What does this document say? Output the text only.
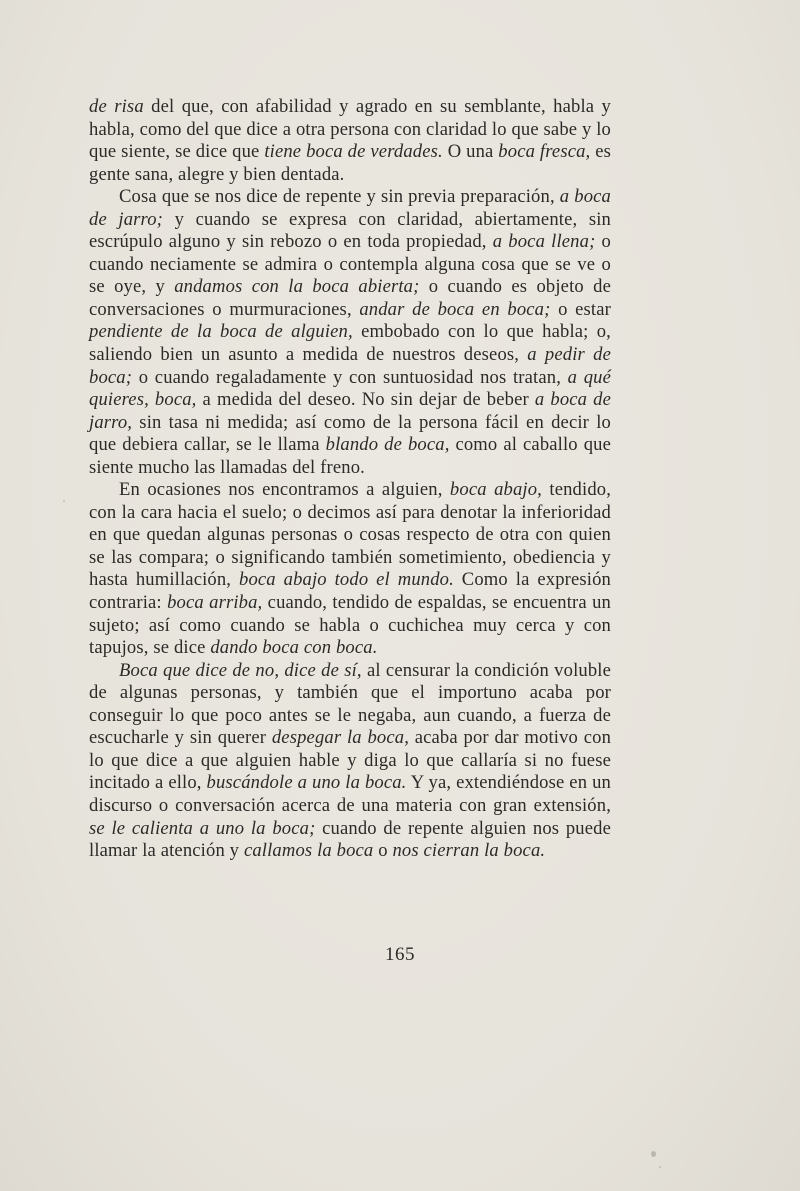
de risa del que, con afabilidad y agrado en su semblante, habla y habla, como del que dice a otra persona con claridad lo que sabe y lo que siente, se dice que tiene boca de verdades. O una boca fresca, es gente sana, alegre y bien dentada.

Cosa que se nos dice de repente y sin previa preparación, a boca de jarro; y cuando se expresa con claridad, abiertamente, sin escrúpulo alguno y sin rebozo o en toda propiedad, a boca llena; o cuando neciamente se admira o contempla alguna cosa que se ve o se oye, y andamos con la boca abierta; o cuando es objeto de conversaciones o murmuraciones, andar de boca en boca; o estar pendiente de la boca de alguien, embobado con lo que habla; o, saliendo bien un asunto a medida de nuestros deseos, a pedir de boca; o cuando regaladamente y con suntuosidad nos tratan, a qué quieres, boca, a medida del deseo. No sin dejar de beber a boca de jarro, sin tasa ni medida; así como de la persona fácil en decir lo que debiera callar, se le llama blando de boca, como al caballo que siente mucho las llamadas del freno.

En ocasiones nos encontramos a alguien, boca abajo, tendido, con la cara hacia el suelo; o decimos así para denotar la inferioridad en que quedan algunas personas o cosas respecto de otra con quien se las compara; o significando también sometimiento, obediencia y hasta humillación, boca abajo todo el mundo. Como la expresión contraria: boca arriba, cuando, tendido de espaldas, se encuentra un sujeto; así como cuando se habla o cuchichea muy cerca y con tapujos, se dice dando boca con boca.

Boca que dice de no, dice de sí, al censurar la condición voluble de algunas personas, y también que el importuno acaba por conseguir lo que poco antes se le negaba, aun cuando, a fuerza de escucharle y sin querer despegar la boca, acaba por dar motivo con lo que dice a que alguien hable y diga lo que callaría si no fuese incitado a ello, buscándole a uno la boca. Y ya, extendiéndose en un discurso o conversación acerca de una materia con gran extensión, se le calienta a uno la boca; cuando de repente alguien nos puede llamar la atención y callamos la boca o nos cierran la boca.

165
